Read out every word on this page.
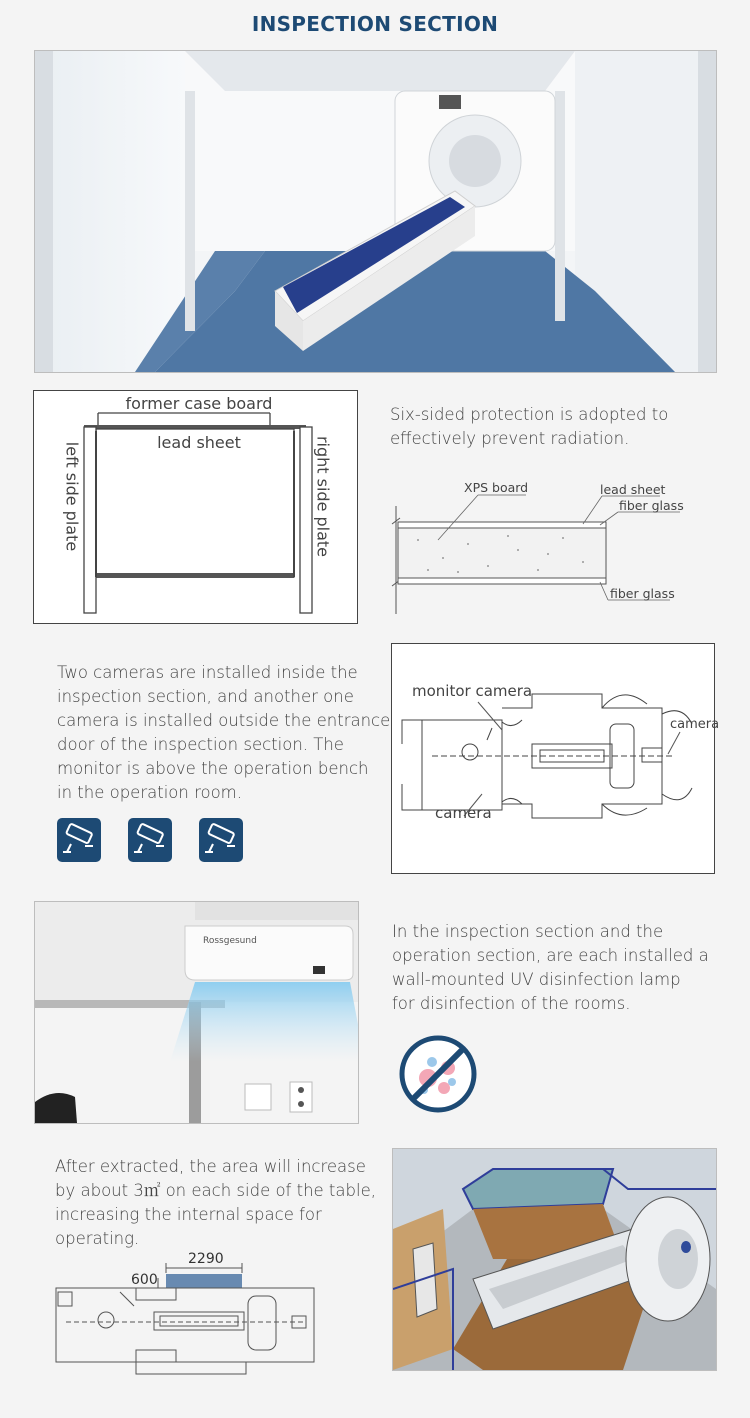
INSPECTION SECTION
former case board
lead sheet
left side plate	right side plate
Six-sided protection is adopted to
effectively prevent radiation.
XPS board	lead sheet
fiber glass
fiber glass
Two cameras are installed inside the
inspection section, and another one
camera is installed outside the entrance
door of the inspection section. The
monitor is above the operation bench
in the operation room.
monitor camera
camera
camera
Rossgesund	In the inspection section and the
operation section, are each installed a
wall-mounted UV disinfection lamp
for disinfection of the rooms.
After extracted, the area will increase
by about 3㎡ on each side of the table,
increasing the internal space for
operating.
2290
600
